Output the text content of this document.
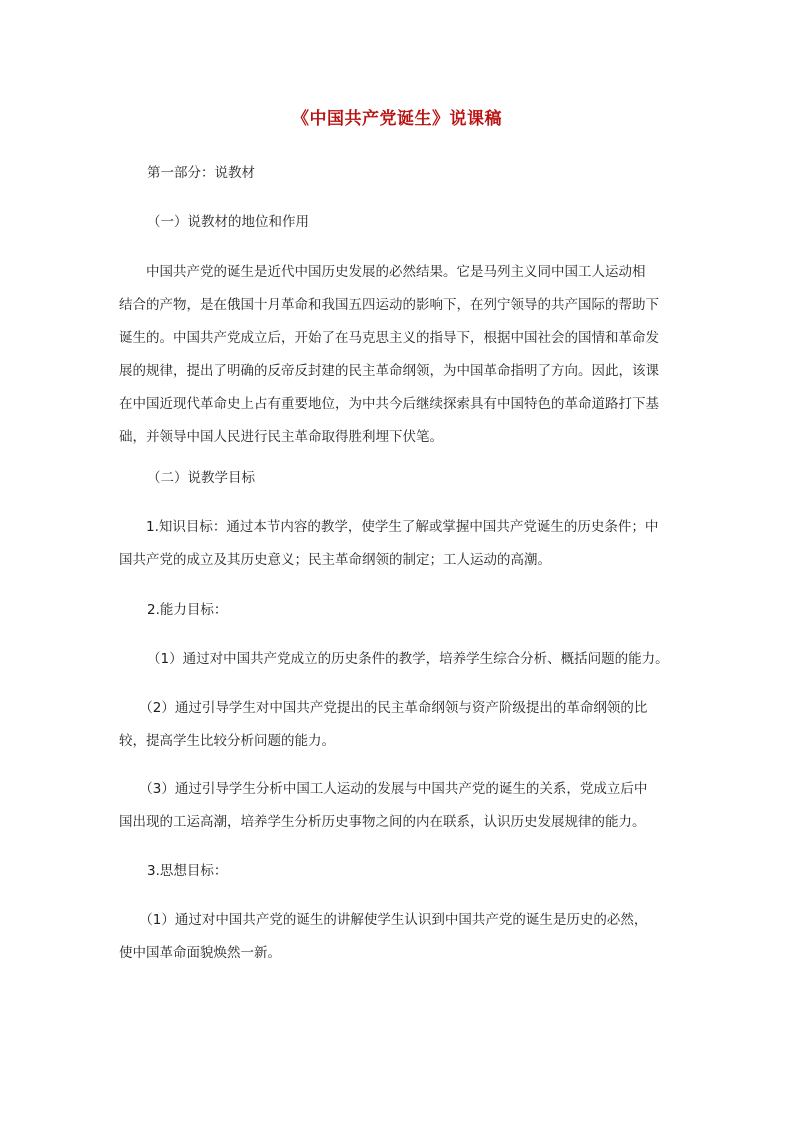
《中国共产党诞生》说课稿
第一部分：说教材
（一）说教材的地位和作用
　　中国共产党的诞生是近代中国历史发展的必然结果。它是马列主义同中国工人运动相
结合的产物，是在俄国十月革命和我国五四运动的影响下，在列宁领导的共产国际的帮助下
诞生的。中国共产党成立后，开始了在马克思主义的指导下，根据中国社会的国情和革命发
展的规律，提出了明确的反帝反封建的民主革命纲领，为中国革命指明了方向。因此，该课
在中国近现代革命史上占有重要地位，为中共今后继续探索具有中国特色的革命道路打下基
础，并领导中国人民进行民主革命取得胜利埋下伏笔。
（二）说教学目标
　　1.知识目标：通过本节内容的教学，使学生了解或掌握中国共产党诞生的历史条件；中
国共产党的成立及其历史意义；民主革命纲领的制定；工人运动的高潮。
2.能力目标：
（1）通过对中国共产党成立的历史条件的教学，培养学生综合分析、概括问题的能力。
　　（2）通过引导学生对中国共产党提出的民主革命纲领与资产阶级提出的革命纲领的比
较，提高学生比较分析问题的能力。
　　（3）通过引导学生分析中国工人运动的发展与中国共产党的诞生的关系，党成立后中
国出现的工运高潮，培养学生分析历史事物之间的内在联系，认识历史发展规律的能力。
3.思想目标：
　　（1）通过对中国共产党的诞生的讲解使学生认识到中国共产党的诞生是历史的必然，
使中国革命面貌焕然一新。
